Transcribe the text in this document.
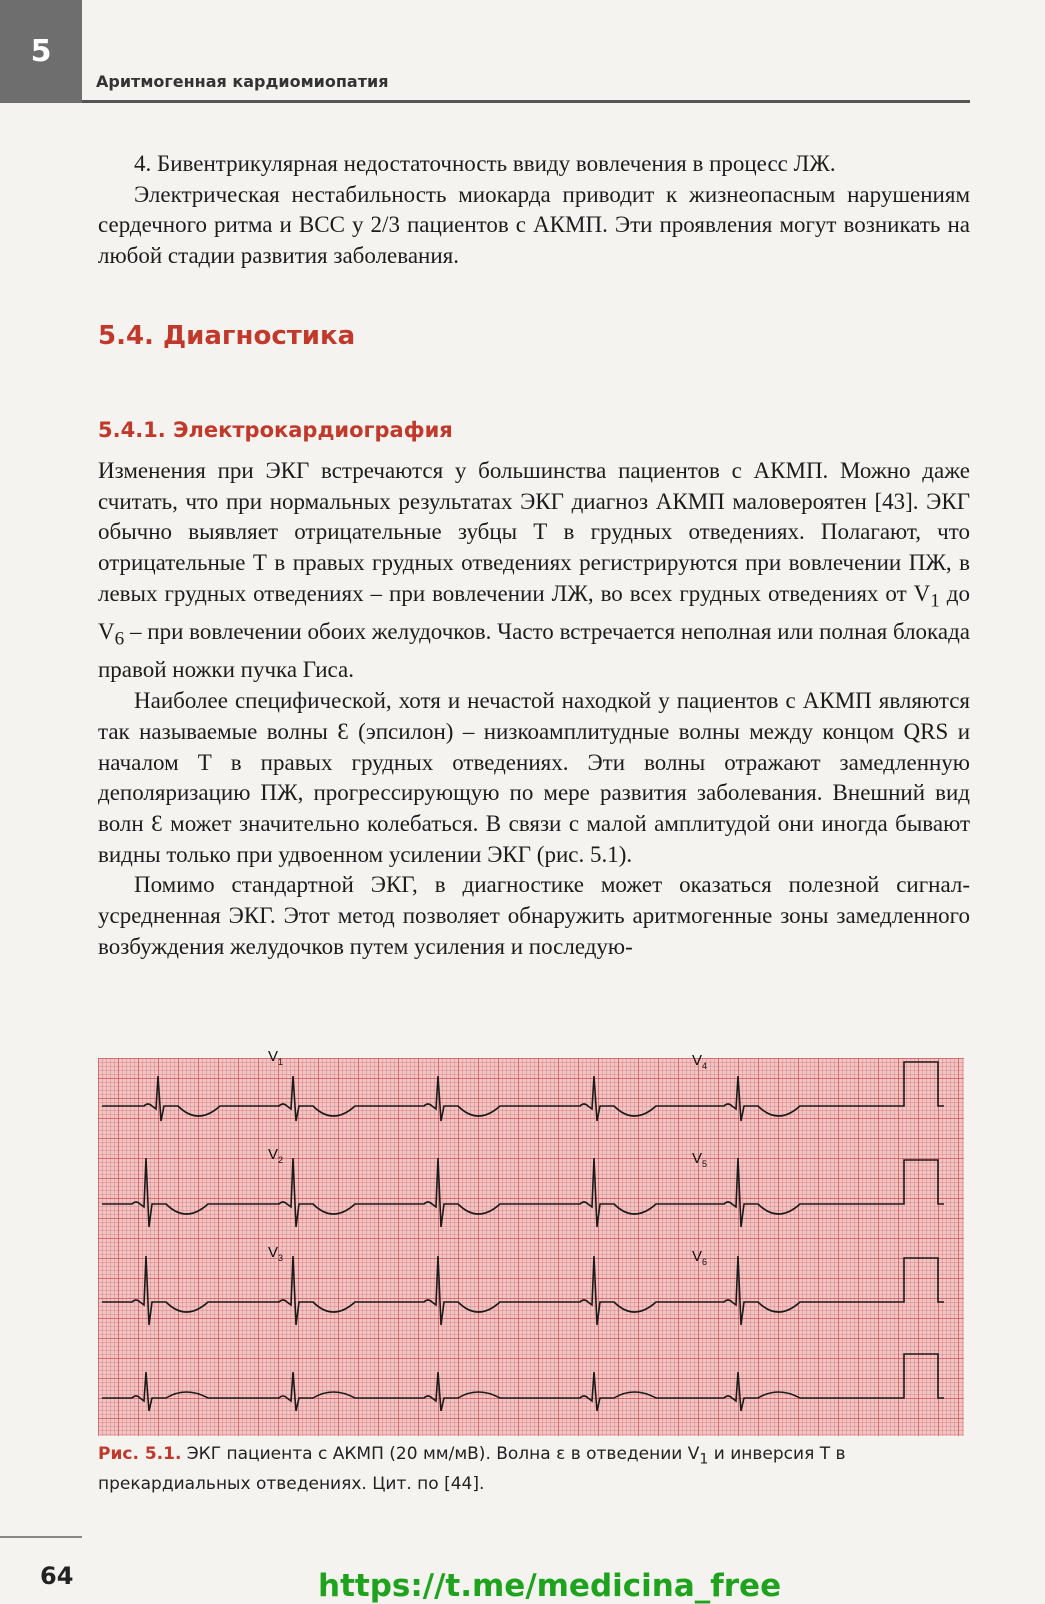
5
Аритмогенная кардиомиопатия

4. Бивентрикулярная недостаточность ввиду вовлечения в процесс ЛЖ.

Электрическая нестабильность миокарда приводит к жизнеопасным нарушениям сердечного ритма и ВСС у 2/3 пациентов с АКМП. Эти проявления могут возникать на любой стадии развития заболевания.

5.4. Диагностика
5.4.1. Электрокардиография

Изменения при ЭКГ встречаются у большинства пациентов с АКМП. Можно даже считать, что при нормальных результатах ЭКГ диагноз АКМП маловероятен [43]. ЭКГ обычно выявляет отрицательные зубцы Т в грудных отведениях. Полагают, что отрицательные Т в правых грудных отведениях регистрируются при вовлечении ПЖ, в левых грудных отведениях – при вовлечении ЛЖ, во всех грудных отведениях от $V_1$ до $V_6$ – при вовлечении обоих желудочков. Часто встречается неполная или полная блокада правой ножки пучка Гиса.

Наиболее специфической, хотя и нечастой находкой у пациентов с АКМП являются так называемые волны Ɛ (эпсилон) – низкоамплитудные волны между концом QRS и началом Т в правых грудных отведениях. Эти волны отражают замедленную деполяризацию ПЖ, прогрессирующую по мере развития заболевания. Внешний вид волн Ɛ может значительно колебаться. В связи с малой амплитудой они иногда бывают видны только при удвоенном усилении ЭКГ (рис. 5.1).

Помимо стандартной ЭКГ, в диагностике может оказаться полезной сигнал-усредненная ЭКГ. Этот метод позволяет обнаружить аритмогенные зоны замедленного возбуждения желудочков путем усиления и последую-

$V_1$
$V_2$
$V_3$
$V_4$
$V_5$
$V_6$
Рис. 5.1. ЭКГ пациента с АКМП (20 мм/мВ). Волна ε в отведении $V_1$ и инверсия Т в прекардиальных отведениях. Цит. по [44].
64	https://t.me/medicina_free
